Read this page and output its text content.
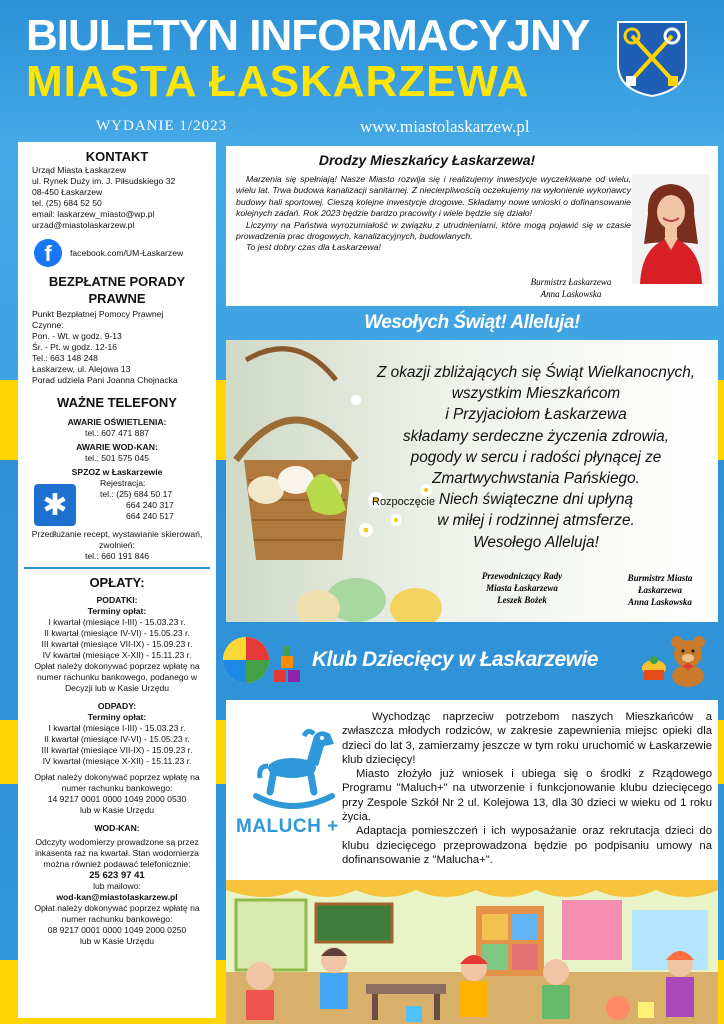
BIULETYN INFORMACYJNY
MIASTA ŁASKARZEWA
WYDANIE 1/2023	www.miastolaskarzew.pl
KONTAKT
Urząd Miasta Łaskarzew
ul. Rynek Duży im. J. Piłsudskiego 32
08-450 Łaskarzew
tel. (25) 684 52 50
email: laskarzew_miasto@wp.pl
urzad@miastolaskarzew.pl
f	facebook.com/UM-Łaskarzew
BEZPŁATNE PORADY PRAWNE
Punkt Bezpłatnej Pomocy Prawnej
Czynne:
Pon. - Wt. w godz. 9-13
Śr. - Pt. w godz. 12-16
Tel.: 663 148 248
Łaskarzew, ul. Alejowa 13
Porad udziela Pani Joanna Chojnacka
WAŻNE TELEFONY
AWARIE OŚWIETLENIA:
tel.: 607 471 887
AWARIE WOD-KAN:
tel.: 501 575 045
SPZOZ w Łaskarzewie
✱
Rejestracja:
tel.: (25) 684 50 17
664 240 317
664 240 517
Przedłużanie recept, wystawianie skierowań, zwolnień:
tel.: 660 191 846
OPŁATY:
PODATKI:
Terminy opłat:
I kwartał (miesiące I-III) - 15.03.23 r.
II kwartał (miesiące IV-VI) - 15.05.23 r.
III kwartał (miesiące VII-IX) - 15.09.23 r.
IV kwartał (miesiące X-XII) - 15.11.23 r.
Opłat należy dokonywać poprzez wpłatę na numer rachunku bankowego, podanego w Decyzji lub w Kasie Urzędu
ODPADY:
Terminy opłat:
I kwartał (miesiące I-III) - 15.03.23 r.
II kwartał (miesiące IV-VI) - 15.05.23 r.
III kwartał (miesiące VII-IX) - 15.09.23 r.
IV kwartał (miesiące X-XII) - 15.11.23 r.
Opłat należy dokonywać poprzez wpłatę na numer rachunku bankowego:
14 9217 0001 0000 1049 2000 0530
lub w Kasie Urzędu
WOD-KAN:
Odczyty wodomierzy prowadzone są przez inkasenta raz na kwartał. Stan wodomierza można również podawać telefonicznie:
25 623 97 41
lub mailowo:
wod-kan@miastolaskarzew.pl
Opłat należy dokonywać poprzez wpłatę na numer rachunku bankowego:
08 9217 0001 0000 1049 2000 0250
lub w Kasie Urzędu
Drodzy Mieszkańcy Łaskarzewa!

Marzenia się spełniają! Nasze Miasto rozwija się i realizujemy inwestycje wyczekiwane od wielu, wielu lat. Trwa budowa kanalizacji sanitarnej. Z niecierpliwością oczekujemy na wyłonienie wykonawcy budowy hali sportowej. Cieszą kolejne inwestycje drogowe. Składamy nowe wnioski o dofinansowanie kolejnych zadań. Rok 2023 będzie bardzo pracowity i wiele będzie się działo!

Liczymy na Państwa wyrozumiałość w związku z utrudnieniami, które mogą pojawić się w czasie prowadzenia prac drogowych, kanalizacyjnych, budowlanych.

To jest dobry czas dla Łaskarzewa!

Burmistrz Łaskarzewa
Anna Laskowska
Wesołych Świąt! Alleluja!
Z okazji zbliżających się Świąt Wielkanocnych,
wszystkim Mieszkańcom
i Przyjaciołom Łaskarzewa
składamy serdeczne życzenia zdrowia,
pogody w sercu i radości płynącej ze
Zmartwychwstania Pańskiego.
Niech świąteczne dni upłyną
w miłej i rodzinnej atmsferze.
Wesołego Alleluja!
Rozpoczęcie
Przewodniczący Rady
Miasta Łaskarzewa
Leszek Bożek
Burmistrz Miasta
Łaskarzewa
Anna Laskowska
Klub Dziecięcy w Łaskarzewie
MALUCH +

Wychodząc naprzeciw potrzebom naszych Mieszkańców a zwłaszcza młodych rodziców, w zakresie zapewnienia miejsc opieki dla dzieci do lat 3, zamierzamy jeszcze w tym roku uruchomić w Łaskarzewie klub dziecięcy!

Miasto złożyło już wniosek i ubiega się o środki z Rządowego Programu "Maluch+" na utworzenie i funkcjonowanie klubu dziecięcego przy Zespole Szkół Nr 2 ul. Kolejowa 13, dla 30 dzieci w wieku od 1 roku życia.

Adaptacja pomieszczeń i ich wyposażanie oraz rekrutacja dzieci do klubu dziecięcego przeprowadzona będzie po podpisaniu umowy na dofinansowanie z "Malucha+".
